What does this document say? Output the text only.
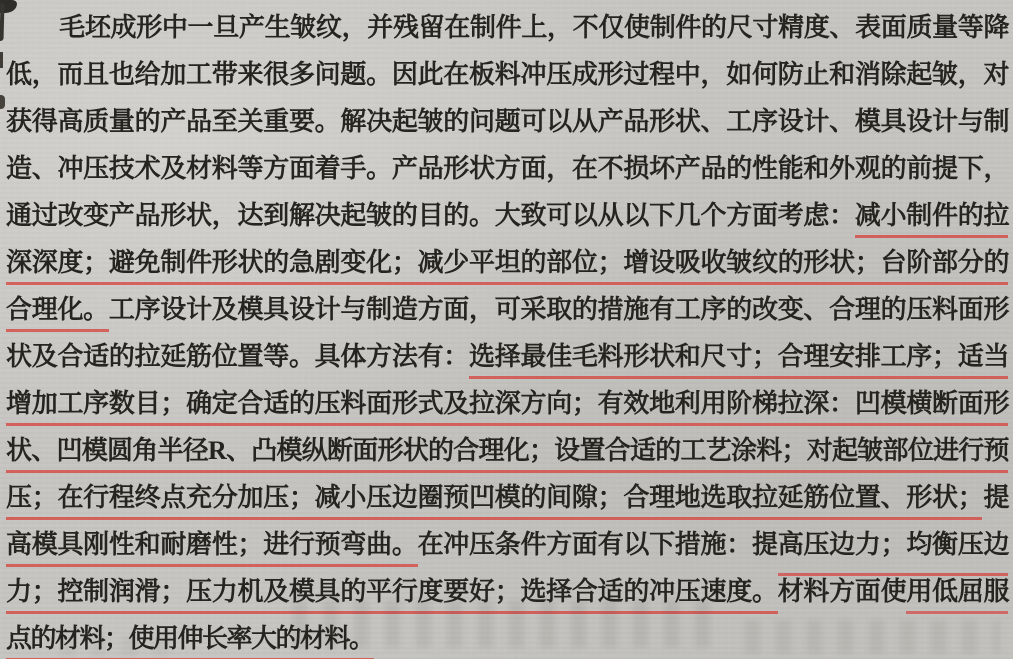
毛坯成形中一旦产生皱纹，并残留在制件上，不仅使制件的尺寸精度、表面质量等降
低，而且也给加工带来很多问题。因此在板料冲压成形过程中，如何防止和消除起皱，对
获得高质量的产品至关重要。解决起皱的问题可以从产品形状、工序设计、模具设计与制
造、冲压技术及材料等方面着手。产品形状方面，在不损坏产品的性能和外观的前提下，
通过改变产品形状，达到解决起皱的目的。大致可以从以下几个方面考虑：减小制件的拉
深深度；避免制件形状的急剧变化；减少平坦的部位；增设吸收皱纹的形状；台阶部分的
合理化。工序设计及模具设计与制造方面，可采取的措施有工序的改变、合理的压料面形
状及合适的拉延筋位置等。具体方法有：选择最佳毛料形状和尺寸；合理安排工序；适当
增加工序数目；确定合适的压料面形式及拉深方向；有效地利用阶梯拉深：凹模横断面形
状、凹模圆角半径R、凸模纵断面形状的合理化；设置合适的工艺涂料；对起皱部位进行预
压；在行程终点充分加压；减小压边圈预凹模的间隙；合理地选取拉延筋位置、形状；提
高模具刚性和耐磨性；进行预弯曲。在冲压条件方面有以下措施：提高压边力；均衡压边
力；控制润滑；压力机及模具的平行度要好；选择合适的冲压速度。材料方面使用低屈服
点的材料；使用伸长率大的材料。
